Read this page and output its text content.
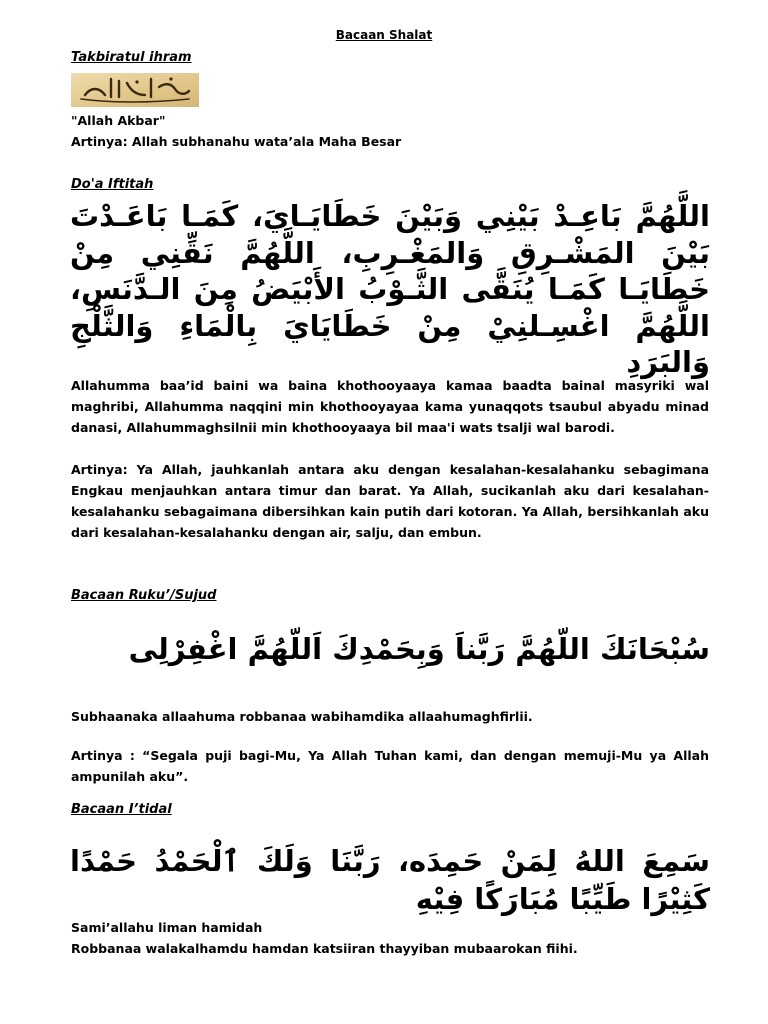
Bacaan Shalat
Takbiratul ihram
"Allah Akbar"
Artinya: Allah subhanahu wata’ala Maha Besar
Do'a Iftitah

اللَّهُمَّ بَاعِـدْ بَيْنِي وَبَيْنَ خَطَايَـايَ، كَمَـا بَاعَـدْتَ بَيْنَ المَشْـرِقِ وَالمَغْـرِبِ، اللَّهُمَّ نَقِّنِي مِنْ خَطَايَـا كَمَـا يُنَقَّى الثَّـوْبُ الأَبْيَضُ مِنَ الـدَّنَسِ، اللَّهُمَّ اغْسِـلنِيْ مِنْ خَطَايَايَ بِالْمَاءِ وَالثَّلْجِ وَالبَرَدِ

Allahumma baa’id baini wa baina khothooyaaya kamaa baadta bainal masyriki wal maghribi, Allahumma naqqini min khothooyayaa kama yunaqqots tsaubul abyadu minad danasi, Allahummaghsilnii min khothooyaaya bil maa'i wats tsalji wal barodi.

Artinya: Ya Allah, jauhkanlah antara aku dengan kesalahan-kesalahanku sebagimana Engkau menjauhkan antara timur dan barat. Ya Allah, sucikanlah aku dari kesalahan-kesalahanku sebagaimana dibersihkan kain putih dari kotoran. Ya Allah, bersihkanlah aku dari kesalahan-kesalahanku dengan air, salju, dan embun.

Bacaan Ruku’/Sujud

سُبْحَانَكَ اللّهُمَّ رَبَّناَ وَبِحَمْدِكَ اَللّهُمَّ اغْفِرْلِى

Subhaanaka allaahuma robbanaa wabihamdika allaahumaghfirlii.

Artinya : “Segala puji bagi-Mu, Ya Allah Tuhan kami, dan dengan memuji-Mu ya Allah ampunilah aku”.

Bacaan I’tidal

سَمِعَ اللهُ لِمَنْ حَمِدَه، رَبَّنَا وَلَكَ ٱلْحَمْدُ حَمْدًا كَثِيْرًا طَيِّبًا مُبَارَكًا فِيْهِ

Sami’allahu liman hamidah
Robbanaa walakalhamdu hamdan katsiiran thayyiban mubaarokan fiihi.
